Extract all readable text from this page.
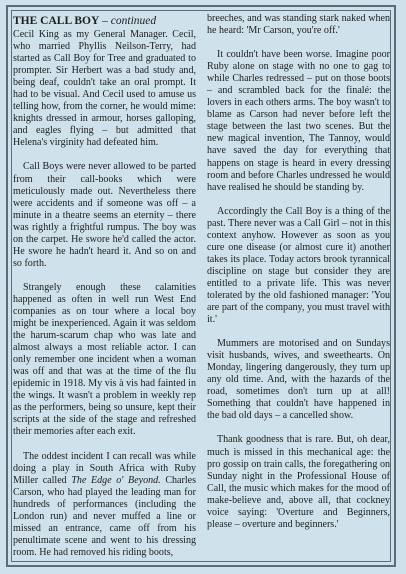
THE CALL BOY – continued

Cecil King as my General Manager. Cecil, who married Phyllis Neilson-Terry, had started as Call Boy for Tree and graduated to prompter. Sir Herbert was a bad study and, being deaf, couldn't take an oral prompt. It had to be visual. And Cecil used to amuse us telling how, from the corner, he would mime: knights dressed in armour, horses galloping, and eagles flying – but admitted that Helena's virginity had defeated him.

Call Boys were never allowed to be parted from their call-books which were meticulously made out. Nevertheless there were accidents and if someone was off – a minute in a theatre seems an eternity – there was rightly a frightful rumpus. The boy was on the carpet. He swore he'd called the actor. He swore he hadn't heard it. And so on and so forth.

Strangely enough these calamities happened as often in well run West End companies as on tour where a local boy might be inexperienced. Again it was seldom the harum-scarum chap who was late and almost always a most reliable actor. I can only remember one incident when a woman was off and that was at the time of the flu epidemic in 1918. My vis à vis had fainted in the wings. It wasn't a problem in weekly rep as the performers, being so unsure, kept their scripts at the side of the stage and refreshed their memories after each exit.

The oddest incident I can recall was while doing a play in South Africa with Ruby Miller called The Edge o' Beyond. Charles Carson, who had played the leading man for hundreds of performances (including the London run) and never muffed a line or missed an entrance, came off from his penultimate scene and went to his dressing room. He had removed his riding boots,

breeches, and was standing stark naked when he heard: 'Mr Carson, you're off.'

It couldn't have been worse. Imagine poor Ruby alone on stage with no one to gag to while Charles redressed – put on those boots – and scrambled back for the finalé: the lovers in each others arms. The boy wasn't to blame as Carson had never before left the stage between the last two scenes. But the new magical invention, The Tannoy, would have saved the day for everything that happens on stage is heard in every dressing room and before Charles undressed he would have realised he should be standing by.

Accordingly the Call Boy is a thing of the past. There never was a Call Girl – not in this context anyhow. However as soon as you cure one disease (or almost cure it) another takes its place. Today actors brook tyrannical discipline on stage but consider they are entitled to a private life. This was never tolerated by the old fashioned manager: 'You are part of the company, you must travel with it.'

Mummers are motorised and on Sundays visit husbands, wives, and sweethearts. On Monday, lingering dangerously, they turn up any old time. And, with the hazards of the road, sometimes don't turn up at all! Something that couldn't have happened in the bad old days – a cancelled show.

Thank goodness that is rare. But, oh dear, much is missed in this mechanical age: the pro gossip on train calls, the foregathering on Sunday night in the Professional House of Call, the music which makes for the mood of make-believe and, above all, that cockney voice saying: 'Overture and Beginners, please – overture and beginners.'
